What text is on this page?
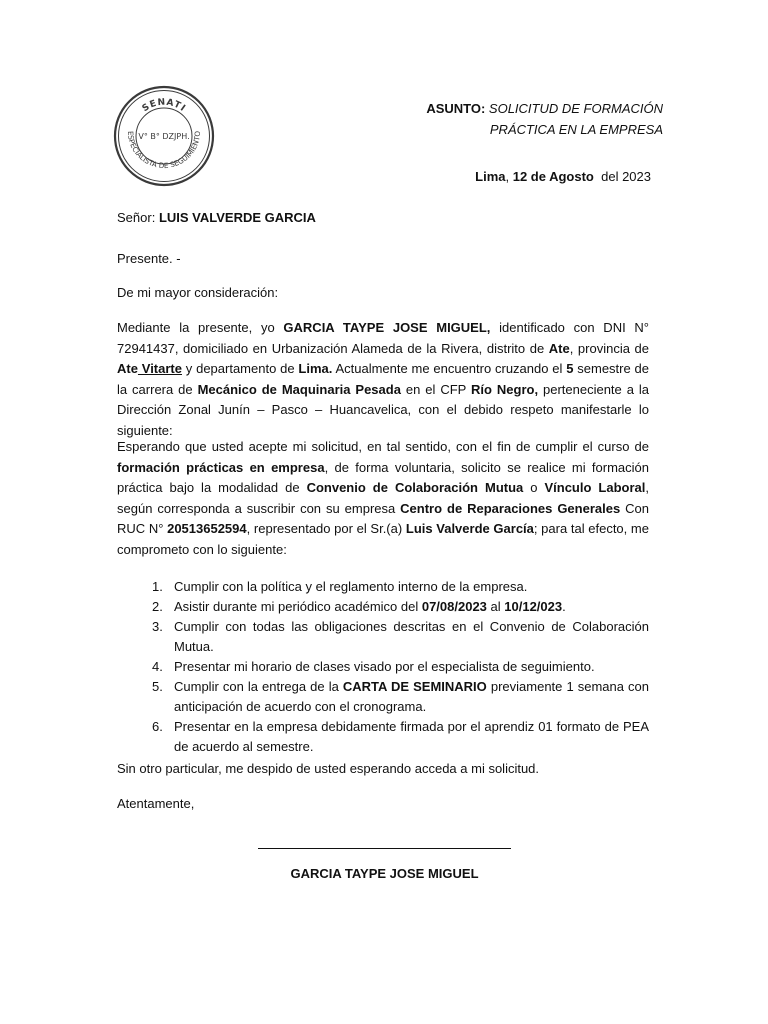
SENATI
ESPECIALISTA DE SEGUIMIENTO
V° B° DZJPH.
ASUNTO: SOLICITUD DE FORMACIÓN
PRÁCTICA EN LA EMPRESA
Lima, 12 de Agosto del 2023

Señor: LUIS VALVERDE GARCIA

Presente. -

De mi mayor consideración:

Mediante la presente, yo GARCIA TAYPE JOSE MIGUEL, identificado con DNI N° 72941437, domiciliado en Urbanización Alameda de la Rivera, distrito de Ate, provincia de Ate Vitarte y departamento de Lima. Actualmente me encuentro cruzando el 5 semestre de la carrera de Mecánico de Maquinaria Pesada en el CFP Río Negro, perteneciente a la Dirección Zonal Junín – Pasco – Huancavelica, con el debido respeto manifestarle lo siguiente:

Esperando que usted acepte mi solicitud, en tal sentido, con el fin de cumplir el curso de formación prácticas en empresa, de forma voluntaria, solicito se realice mi formación práctica bajo la modalidad de Convenio de Colaboración Mutua o Vínculo Laboral, según corresponda a suscribir con su empresa Centro de Reparaciones Generales Con RUC N° 20513652594, representado por el Sr.(a) Luis Valverde García; para tal efecto, me comprometo con lo siguiente:

1. Cumplir con la política y el reglamento interno de la empresa.
2. Asistir durante mi periódico académico del 07/08/2023 al 10/12/023.
3. Cumplir con todas las obligaciones descritas en el Convenio de Colaboración Mutua.
4. Presentar mi horario de clases visado por el especialista de seguimiento.
5. Cumplir con la entrega de la CARTA DE SEMINARIO previamente 1 semana con anticipación de acuerdo con el cronograma.
6. Presentar en la empresa debidamente firmada por el aprendiz 01 formato de PEA de acuerdo al semestre.

Sin otro particular, me despido de usted esperando acceda a mi solicitud.

Atentamente,

GARCIA TAYPE JOSE MIGUEL
